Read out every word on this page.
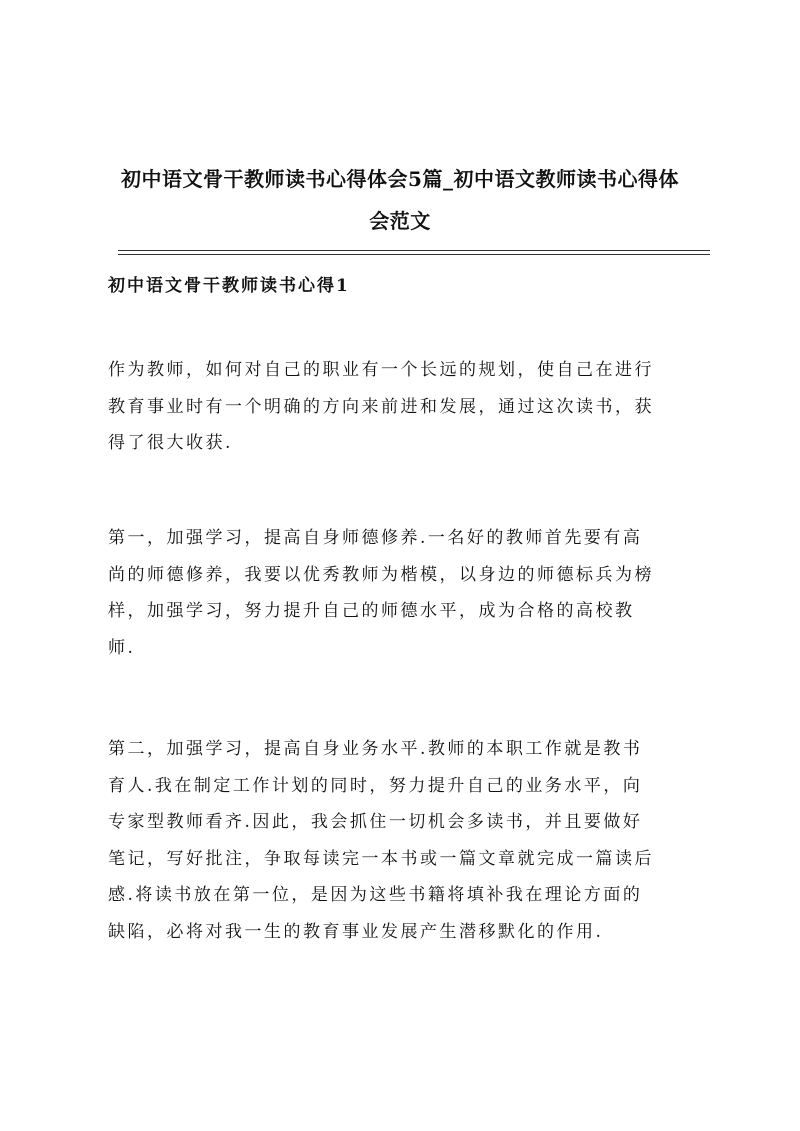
初中语文骨干教师读书心得体会5篇_初中语文教师读书心得体
会范文
初中语文骨干教师读书心得1

作为教师，如何对自己的职业有一个长远的规划，使自己在进行
教育事业时有一个明确的方向来前进和发展，通过这次读书，获
得了很大收获.

第一，加强学习，提高自身师德修养.一名好的教师首先要有高
尚的师德修养，我要以优秀教师为楷模，以身边的师德标兵为榜
样，加强学习，努力提升自己的师德水平，成为合格的高校教
师.

第二，加强学习，提高自身业务水平.教师的本职工作就是教书
育人.我在制定工作计划的同时，努力提升自己的业务水平，向
专家型教师看齐.因此，我会抓住一切机会多读书，并且要做好
笔记，写好批注，争取每读完一本书或一篇文章就完成一篇读后
感.将读书放在第一位，是因为这些书籍将填补我在理论方面的
缺陷，必将对我一生的教育事业发展产生潜移默化的作用.
